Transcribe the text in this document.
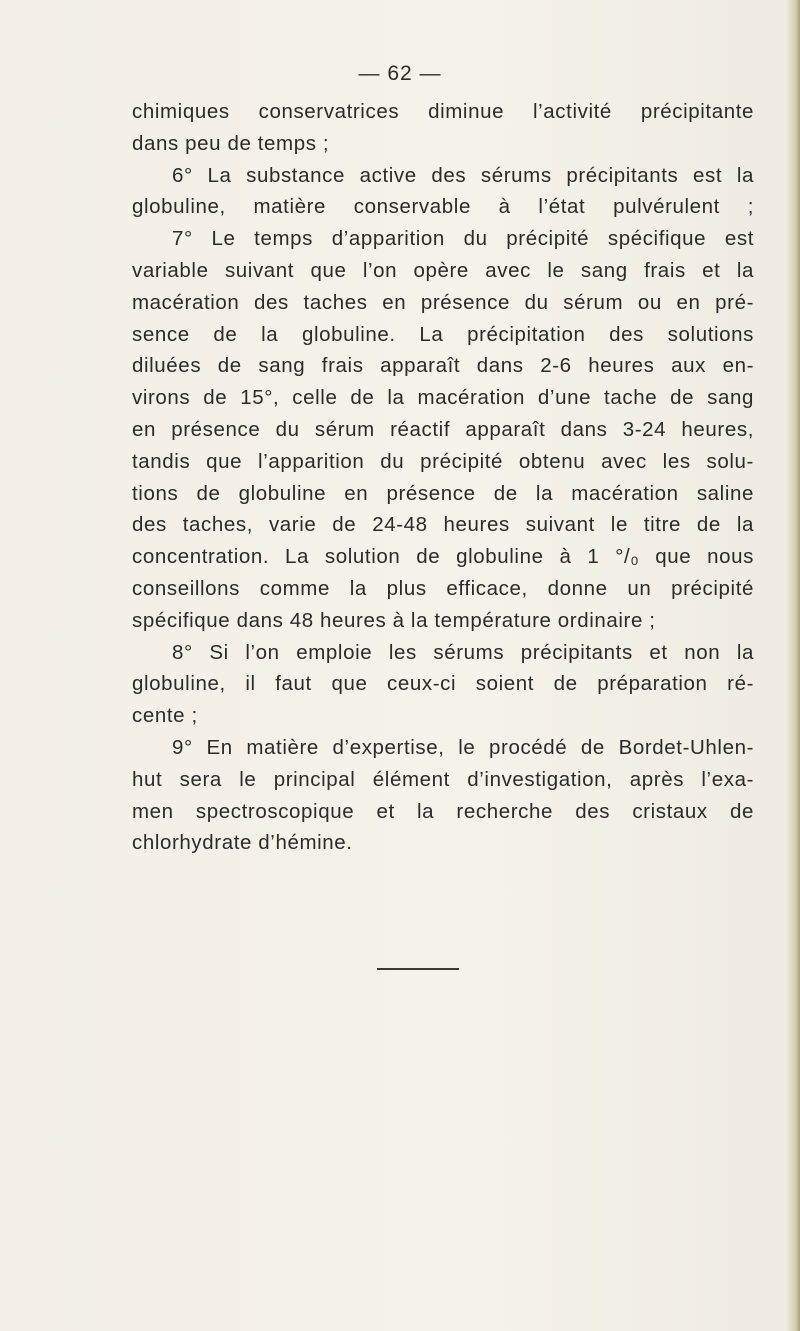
— 62 —
chimiques conservatrices diminue l’activité précipitante
dans peu de temps ;
6° La substance active des sérums précipitants est la
globuline, matière conservable à l’état pulvérulent ;
7° Le temps d’apparition du précipité spécifique est
variable suivant que l’on opère avec le sang frais et la
macération des taches en présence du sérum ou en pré-
sence de la globuline. La précipitation des solutions
diluées de sang frais apparaît dans 2-6 heures aux en-
virons de 15°, celle de la macération d’une tache de sang
en présence du sérum réactif apparaît dans 3-24 heures,
tandis que l’apparition du précipité obtenu avec les solu-
tions de globuline en présence de la macération saline
des taches, varie de 24-48 heures suivant le titre de la
concentration. La solution de globuline à 1 °/₀ que nous
conseillons comme la plus efficace, donne un précipité
spécifique dans 48 heures à la température ordinaire ;
8° Si l’on emploie les sérums précipitants et non la
globuline, il faut que ceux-ci soient de préparation ré-
cente ;
9° En matière d’expertise, le procédé de Bordet-Uhlen-
hut sera le principal élément d’investigation, après l’exa-
men spectroscopique et la recherche des cristaux de
chlorhydrate d’hémine.
